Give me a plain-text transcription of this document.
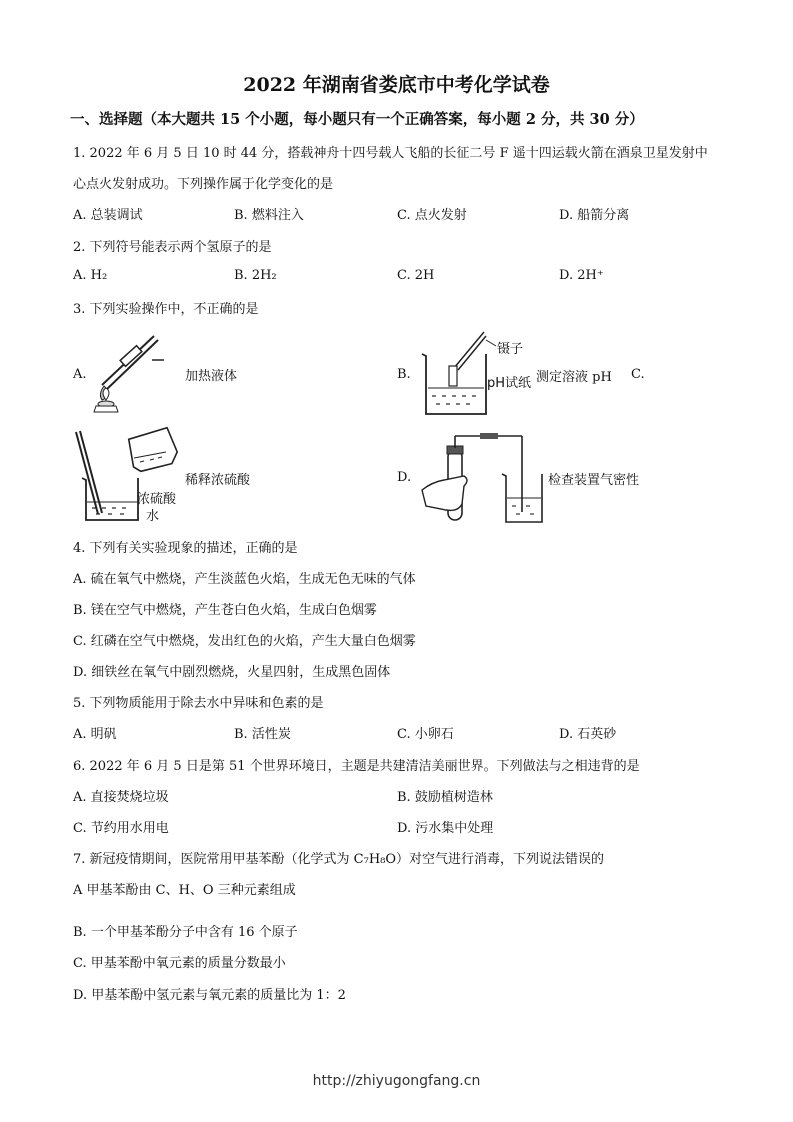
2022 年湖南省娄底市中考化学试卷
一、选择题（本大题共 15 个小题，每小题只有一个正确答案，每小题 2 分，共 30 分）
1. 2022 年 6 月 5 日 10 时 44 分，搭载神舟十四号载人飞船的长征二号 F 遥十四运载火箭在酒泉卫星发射中
心点火发射成功。下列操作属于化学变化的是
A. 总装调试	B. 燃料注入	C. 点火发射	D. 船箭分离
2. 下列符号能表示两个氢原子的是
A. H₂	B. 2H₂	C. 2H	D. 2H⁺
3. 下列实验操作中，不正确的是
A.	加热液体	B.
镊子
pH试纸 测定溶液 pH C.
稀释浓硫酸
浓硫酸
水
D.	检查装置气密性
4. 下列有关实验现象的描述，正确的是
A. 硫在氧气中燃烧，产生淡蓝色火焰，生成无色无味的气体
B. 镁在空气中燃烧，产生苍白色火焰，生成白色烟雾
C. 红磷在空气中燃烧，发出红色的火焰，产生大量白色烟雾
D. 细铁丝在氧气中剧烈燃烧，火星四射，生成黑色固体
5. 下列物质能用于除去水中异味和色素的是
A. 明矾	B. 活性炭	C. 小卵石	D. 石英砂
6. 2022 年 6 月 5 日是第 51 个世界环境日，主题是共建清洁美丽世界。下列做法与之相违背的是
A. 直接焚烧垃圾	B. 鼓励植树造林
C. 节约用水用电	D. 污水集中处理
7. 新冠疫情期间，医院常用甲基苯酚（化学式为 C₇H₈O）对空气进行消毒，下列说法错误的
A 甲基苯酚由 C、H、O 三种元素组成
B. 一个甲基苯酚分子中含有 16 个原子
C. 甲基苯酚中氧元素的质量分数最小
D. 甲基苯酚中氢元素与氧元素的质量比为 1：2
http://zhiyugongfang.cn
